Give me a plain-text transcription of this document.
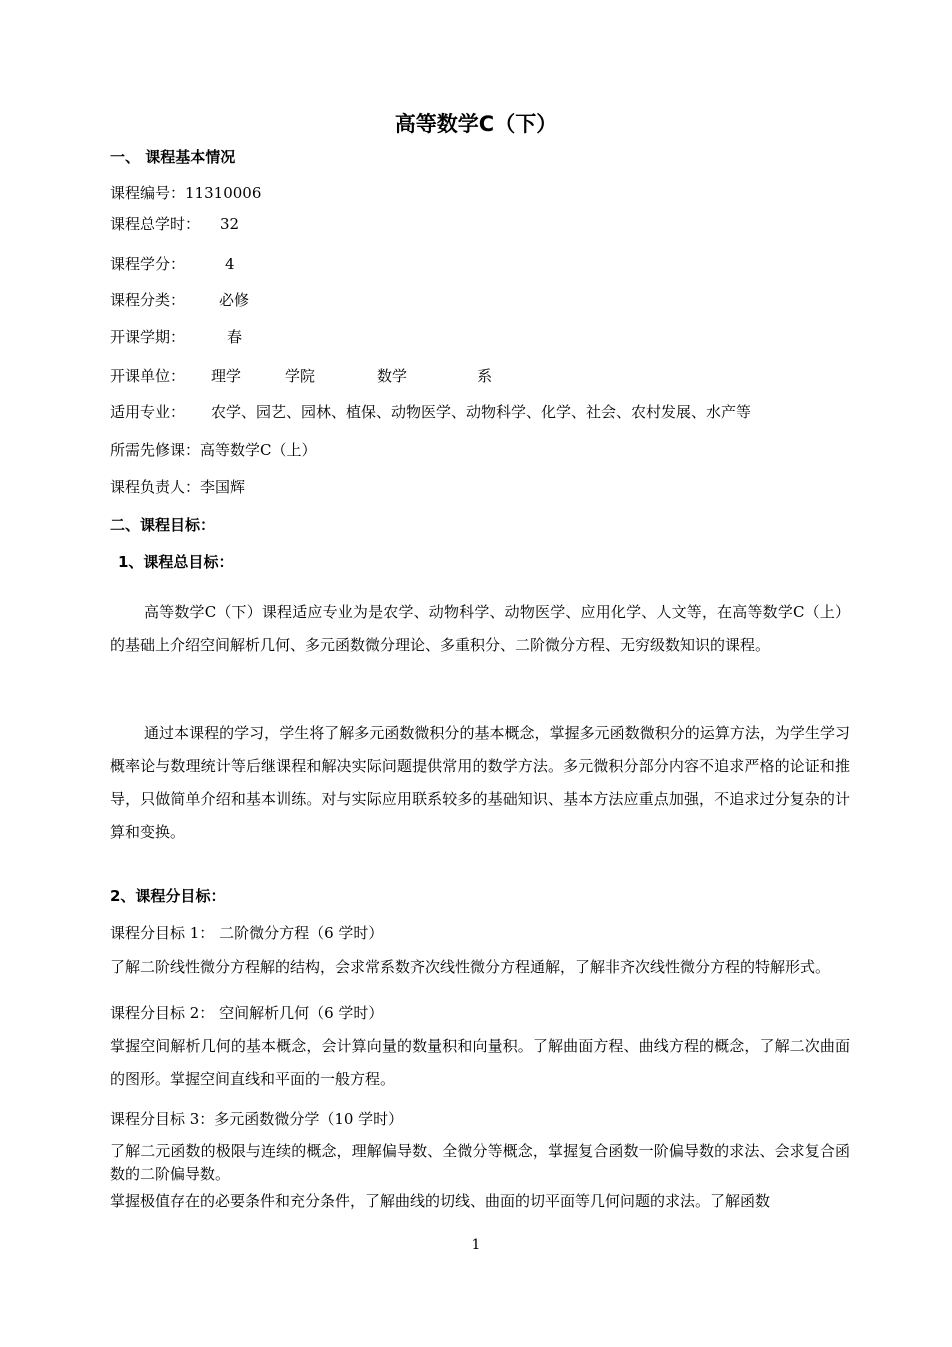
高等数学C（下）
一、 课程基本情况
课程编号：11310006
课程总学时： 32
课程学分：	4
课程分类： 必修
开课学期：	春
开课单位： 理学	学院	数学	系
适用专业： 农学、园艺、园林、植保、动物医学、动物科学、化学、社会、农村发展、水产等
所需先修课：高等数学C（上）
课程负责人：李国辉
二、课程目标：
1、课程总目标：
高等数学C（下）课程适应专业为是农学、动物科学、动物医学、应用化学、人文等，在高等数学C（上）的基础上介绍空间解析几何、多元函数微分理论、多重积分、二阶微分方程、无穷级数知识的课程。
通过本课程的学习，学生将了解多元函数微积分的基本概念，掌握多元函数微积分的运算方法，为学生学习概率论与数理统计等后继课程和解决实际问题提供常用的数学方法。多元微积分部分内容不追求严格的论证和推导，只做简单介绍和基本训练。对与实际应用联系较多的基础知识、基本方法应重点加强，不追求过分复杂的计算和变换。
2、课程分目标：
课程分目标 1： 二阶微分方程（6 学时）
了解二阶线性微分方程解的结构，会求常系数齐次线性微分方程通解，了解非齐次线性微分方程的特解形式。
课程分目标 2： 空间解析几何（6 学时）
掌握空间解析几何的基本概念，会计算向量的数量积和向量积。了解曲面方程、曲线方程的概念，了解二次曲面的图形。掌握空间直线和平面的一般方程。
课程分目标 3：多元函数微分学（10 学时）
了解二元函数的极限与连续的概念，理解偏导数、全微分等概念，掌握复合函数一阶偏导数的求法、会求复合函数的二阶偏导数。
掌握极值存在的必要条件和充分条件，了解曲线的切线、曲面的切平面等几何问题的求法。了解函数
1
